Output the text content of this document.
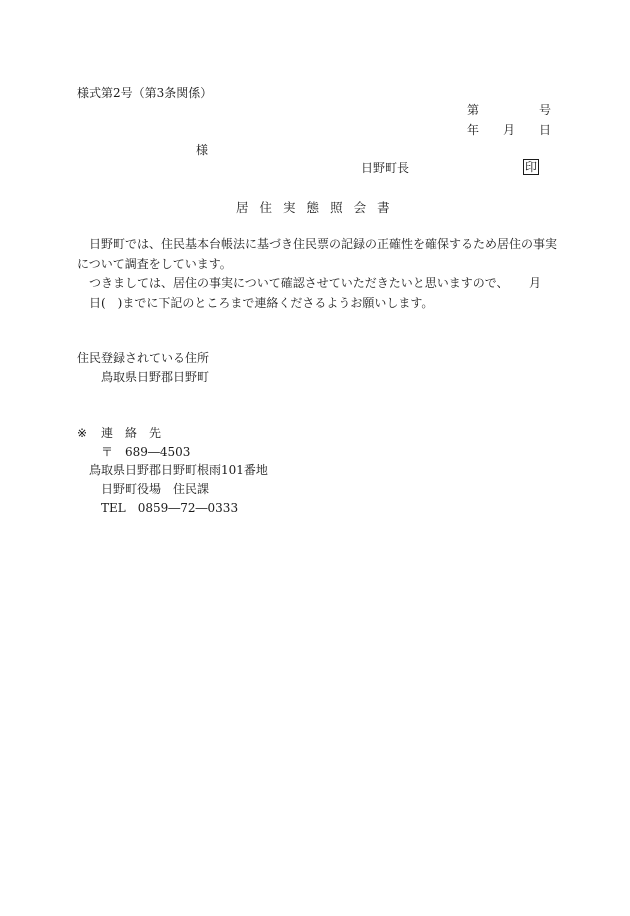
様式第2号（第3条関係）
第	号
年 月 日
様
日野町長	印
居 住 実 態 照 会 書
日野町では、住民基本台帳法に基づき住民票の記録の正確性を確保するため居住の事実
について調査をしています。
つきましては、居住の事実について確認させていただきたいと思いますので、 月
日(　)までに下記のところまで連絡くださるようお願いします。
住民登録されている住所
鳥取県日野郡日野町
※ 連 絡 先
〒　689―4503
鳥取県日野郡日野町根雨101番地
日野町役場　住民課
TEL　0859―72―0333
